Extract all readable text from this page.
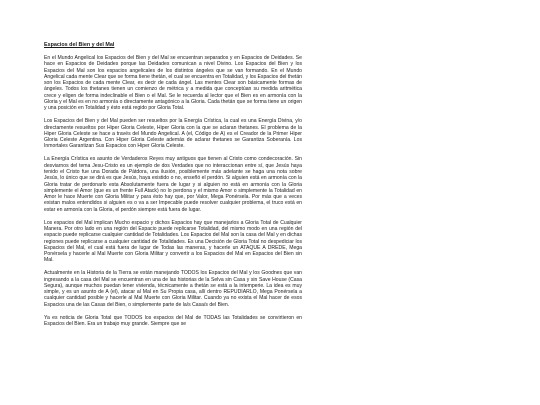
Espacios del Bien y del Mal

En el Mundo Angelical los Espacios del Bien y del Mal se encuentran separados y en Espacios de Deidades. Se hace en Espacios de Deidades porque las Deidades comunican a nivel Divino. Los Espacios del Bien y los Espacios del Mal son los espacios angelicales de los distintos ángeles que se van formando. En el Mundo Angelical cada mente Clear que se forma tiene thetán, el cual se encuentra en Totalidad, y los Espacios del thetán son los Espacios de cada mente Clear, es decir de cada ángel. Las mentes Clear son básicamente formas de ángeles. Todos los thetanes tienen un comienzo de métrica y a medida que conceptúan su medida aritmética crece y eligen de forma indeclinable el Bien o el Mal. Se le recuerda al lector que el Bien es en armonía con la Gloria y el Mal es en no armonía o directamente antagónico a la Gloria. Cada thetán que se forma tiene un origen y una posición en Totalidad y ésto está regido por Gloria Total.

Los Espacios del Bien y del Mal pueden ser resueltos por la Energía Crística, la cual es una Energía Divina, y/o directamente resueltos por Hiper Gloria Celeste, Hiper Gloria con la que se aclaran thetanes. El problema de la Hiper Gloria Celeste se hace a través del Mundo Angelical. A (el, Código de A) es el Creador de la Primer Hiper Gloria Celeste Argentina. Con Hiper Gloria Celeste además de aclarar thetanes se Garantiza Soberanía. Los Inmortales Garantizan Sus Espacios con Hiper Gloria Celeste.

La Energía Crística es asunto de Verdaderos Reyes muy antiguos que tienen al Cristo como condecoración. Sin desviarnos del tema Jesu-Cristo es un ejemplo de dos Verdades que no interaccionan entre sí, que Jesús haya tenido el Cristo fue una Dorada de Pátdora, una ilusión, posiblemente más adelante se haga una nota sobre Jesús, lo único que se dirá es que Jesús, haya existido o no, enseñó el perdón. Si alguien está en armonía con la Gloria tratar de perdonarlo esta Absolutamente fuera de lugar y si alguien no está en armonía con la Gloria simplemente el Amor (que es un frente Full Atack) no lo perdona y el mismo Amor o simplemente la Totalidad en Amor le hace Muerte con Gloria Militar y para ésto hay que, por Valor, Mega Ponérsela. Por más que a veces existan malos entendidos si alguien es o va a ser Impecable puede resolver cualquier problema, el truco está en estar en armonía con la Gloria, el perdón siempre está fuera de lugar.

Los espacios del Mal implican Mucho espacio y dichos Espacios hay que manejarlos a Gloria Total de Cualquier Manera. Por otro lado en una región del Espacio puede replicarse Totalidad, del mismo modo en una región del espacio puede replicarse cualquier cantidad de Totalidades. Los Espacios del Mal son la casa del Mal y en dichas regiones puede replicarse a cualquier cantidad de Totalidades. Es una Decisión de Gloria Total no despediciar los Espacios del Mal, el cual está fuera de lugar de Todas las maneras, y hacerle un ATAQUE A DREDE, Mega Ponérsela y hacerle al Mal Muerte con Gloria Militar y convertir a los Espacios del Mal en Espacios del Bien sin Mal.

Actualmente en la Historia de la Tierra se están manejando TODOS los Espacios del Mal y los Goodnes que van ingresando a la casa del Mal se encuentran en una de las historias de la Selva sin Casa y sin Save House (Casa Segura), aunque muchos puedan tener vivienda, técnicamente a thetán se está a la intemperie. La idea es muy simple, y es un asunto de A (el), atacar al Mal en Su Propia casa, allí dentro REPUDIARLO, Mega Ponérsela a cualquier cantidad posible y hacerle al Mal Muerte con Gloria Militar. Cuando ya no exista el Mal hacer de esos Espacios una de las Casas del Bien, o simplemente parte de la/s Casa/s del Bien.

Ya es noticia de Gloria Total que TODOS los espacios del Mal de TODAS las Totalidades se convirtieron en Espacios del Bien. Era un trabajo muy grande. Siempre que se
